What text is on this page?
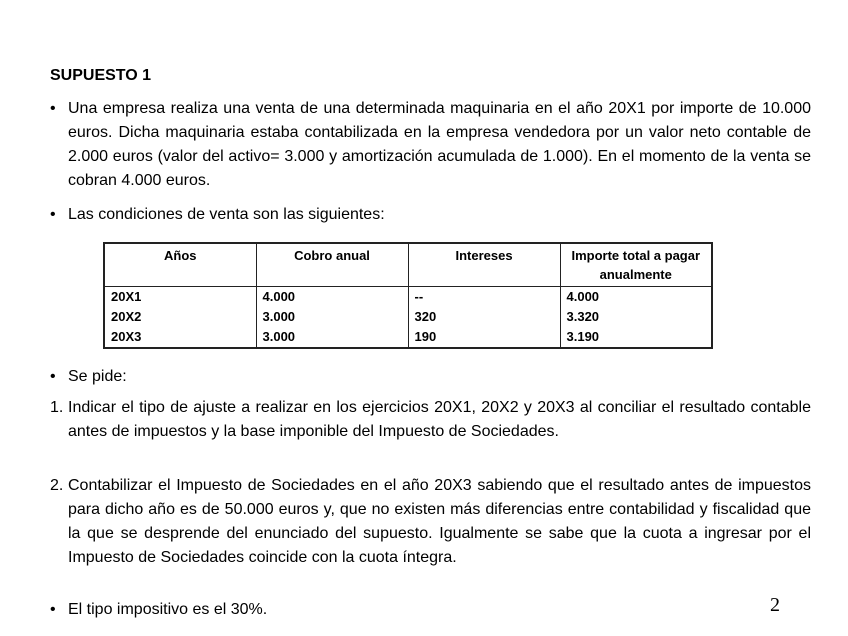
SUPUESTO 1
• Una empresa realiza una venta de una determinada maquinaria en el año 20X1 por importe de 10.000 euros. Dicha maquinaria estaba contabilizada en la empresa vendedora por un valor neto contable de 2.000 euros (valor del activo= 3.000 y amortización acumulada de 1.000). En el momento de la venta se cobran 4.000 euros.
• Las condiciones de venta son las siguientes:
Años	Cobro anual	Intereses	Importe total a pagar anualmente
20X1	4.000	--	4.000
20X2	3.000	320	3.320
20X3	3.000	190	3.190
• Se pide:
1. Indicar el tipo de ajuste a realizar en los ejercicios 20X1, 20X2 y 20X3 al conciliar el resultado contable antes de impuestos y la base imponible del Impuesto de Sociedades.
2. Contabilizar el Impuesto de Sociedades en el año 20X3 sabiendo que el resultado antes de impuestos para dicho año es de 50.000 euros y, que no existen más diferencias entre contabilidad y fiscalidad que la que se desprende del enunciado del supuesto. Igualmente se sabe que la cuota a ingresar por el Impuesto de Sociedades coincide con la cuota íntegra.
• El tipo impositivo es el 30%.	2
